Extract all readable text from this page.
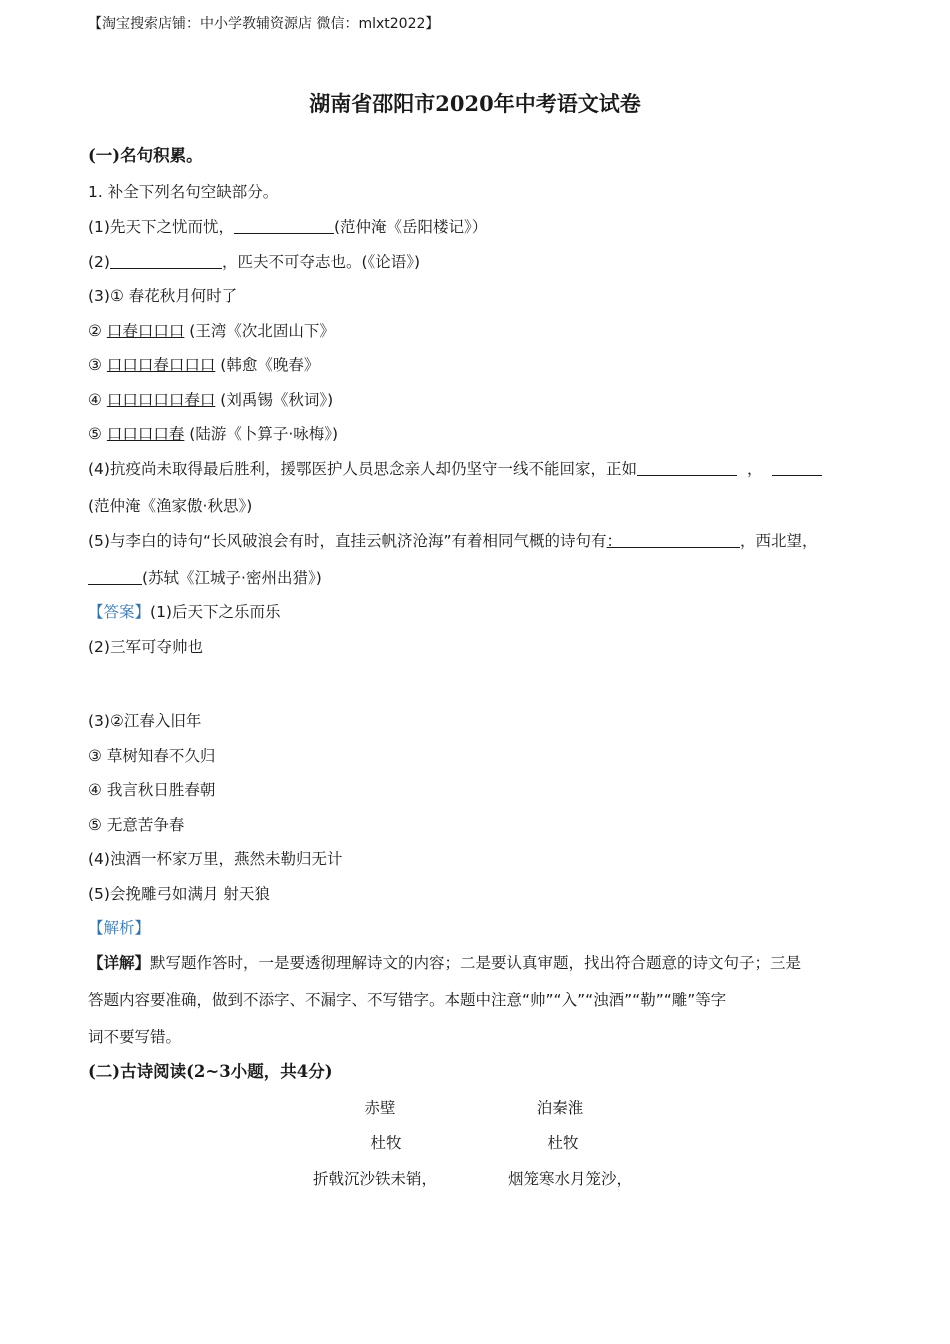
【淘宝搜索店铺：中小学教辅资源店 微信：mlxt2022】
湖南省邵阳市2020年中考语文试卷
(一)名句积累。
1. 补全下列名句空缺部分。
(1)先天下之忧而忧，	(范仲淹《岳阳楼记》）
(2)	，匹夫不可夺志也。(《论语》)
(3)① 春花秋月何时了
② 口春口口口 (王湾《次北固山下》
③ 口口口春口口口 (韩愈《晚春》
④ 口口口口口春口 (刘禹锡《秋词》)
⑤ 口口口口春 (陆游《卜算子·咏梅》)
(4)抗疫尚未取得最后胜利，援鄂医护人员思念亲人却仍坚守一线不能回家，正如	，
(范仲淹《渔家傲·秋思》)
(5)与李白的诗句“长风破浪会有时，直挂云帆济沧海”有着相同气概的诗句有：	，西北望，
(苏轼《江城子·密州出猎》)
【答案】(1)后天下之乐而乐
(2)三军可夺帅也
(3)②江春入旧年
③ 草树知春不久归
④ 我言秋日胜春朝
⑤ 无意苦争春
(4)浊酒一杯家万里，燕然未勒归无计
(5)会挽雕弓如满月 射天狼
【解析】
【详解】默写题作答时，一是要透彻理解诗文的内容；二是要认真审题，找出符合题意的诗文句子；三是
答题内容要准确，做到不添字、不漏字、不写错字。本题中注意“帅”“入”“浊酒”“勒”“雕”等字
词不要写错。
(二)古诗阅读(2~3小题，共4分)
赤壁	泊秦淮
杜牧	杜牧
折戟沉沙铁未销，	烟笼寒水月笼沙，
